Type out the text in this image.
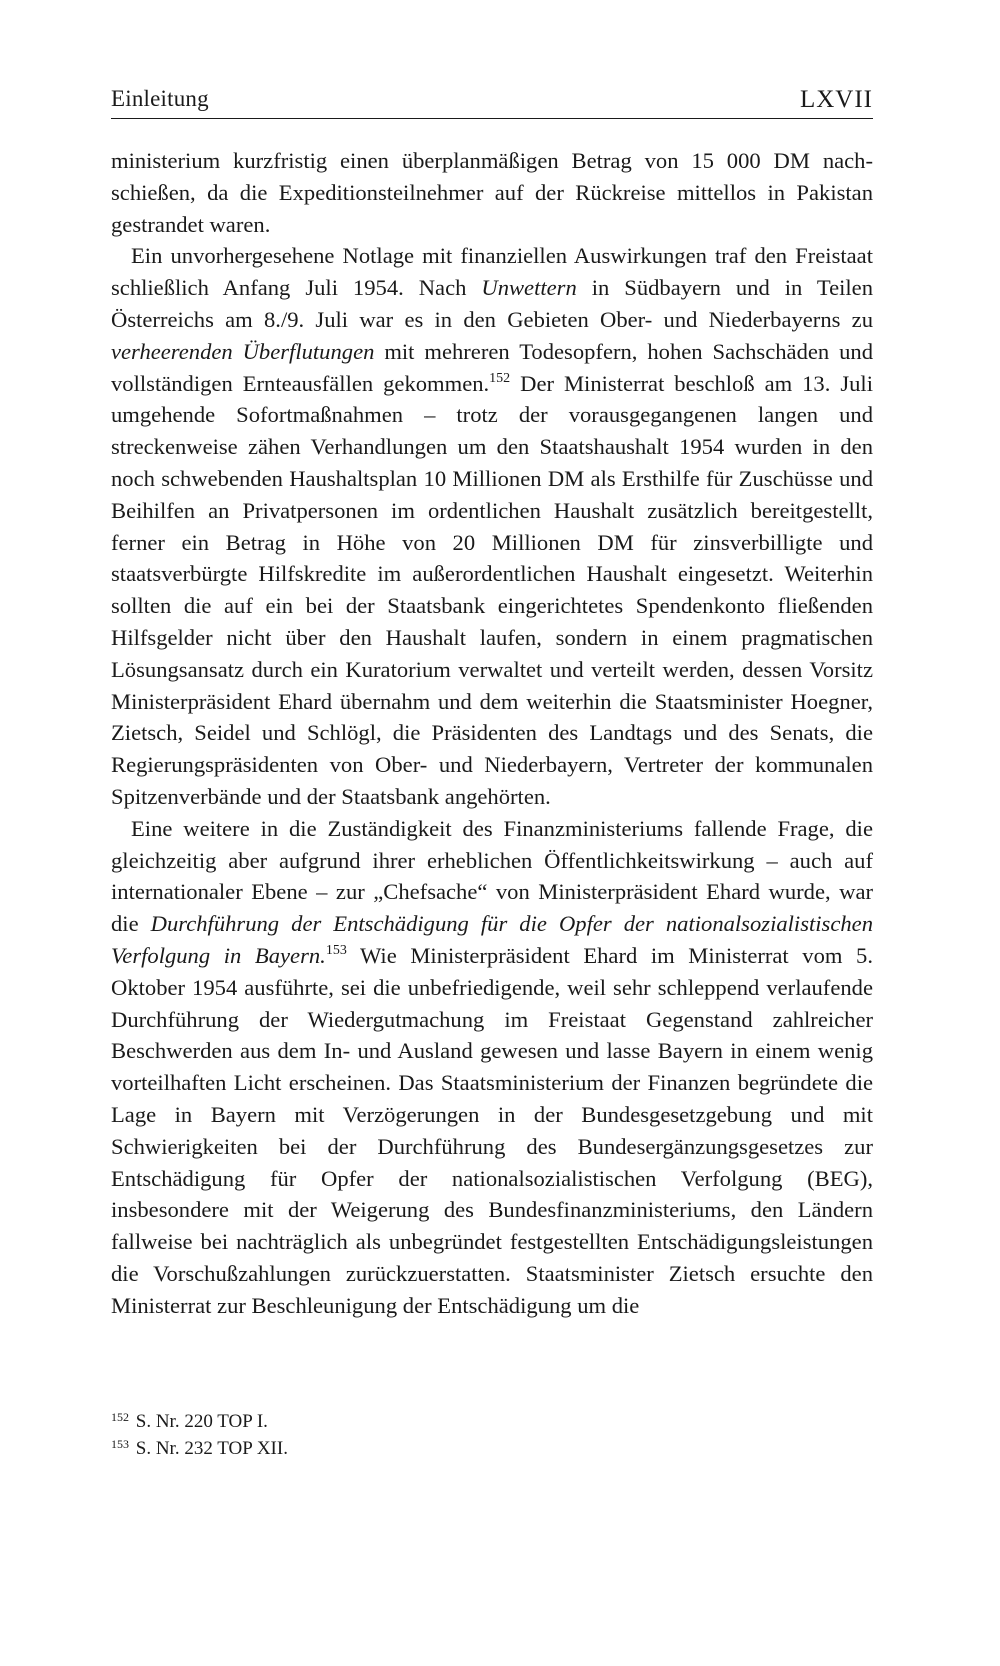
Einleitung	LXVII

ministerium kurzfristig einen überplanmäßigen Betrag von 15 000 DM nachschießen, da die Expeditionsteilnehmer auf der Rückreise mittellos in Pakistan gestrandet waren.

Ein unvorhergesehene Notlage mit finanziellen Auswirkungen traf den Freistaat schließlich Anfang Juli 1954. Nach Unwettern in Südbayern und in Teilen Österreichs am 8./9. Juli war es in den Gebieten Ober- und Niederbayerns zu verheerenden Überflutungen mit mehreren Todesopfern, hohen Sachschäden und vollständigen Ernteausfällen gekommen.$^{152}$ Der Ministerrat beschloß am 13. Juli umgehende Sofortmaßnahmen – trotz der vorausgegangenen langen und streckenweise zähen Verhandlungen um den Staatshaushalt 1954 wurden in den noch schwebenden Haushaltsplan 10 Millionen DM als Ersthilfe für Zuschüsse und Beihilfen an Privatpersonen im ordentlichen Haushalt zusätzlich bereitgestellt, ferner ein Betrag in Höhe von 20 Millionen DM für zinsverbilligte und staatsverbürgte Hilfskredite im außerordentlichen Haushalt eingesetzt. Weiterhin sollten die auf ein bei der Staatsbank eingerichtetes Spendenkonto fließenden Hilfsgelder nicht über den Haushalt laufen, sondern in einem pragmatischen Lösungsansatz durch ein Kuratorium verwaltet und verteilt werden, dessen Vorsitz Ministerpräsident Ehard übernahm und dem weiterhin die Staatsminister Hoegner, Zietsch, Seidel und Schlögl, die Präsidenten des Landtags und des Senats, die Regierungspräsidenten von Ober- und Niederbayern, Vertreter der kommunalen Spitzenverbände und der Staatsbank angehörten.

Eine weitere in die Zuständigkeit des Finanzministeriums fallende Frage, die gleichzeitig aber aufgrund ihrer erheblichen Öffentlichkeitswirkung – auch auf internationaler Ebene – zur „Chefsache“ von Ministerpräsident Ehard wurde, war die Durchführung der Entschädigung für die Opfer der nationalsozialistischen Verfolgung in Bayern.$^{153}$ Wie Ministerpräsident Ehard im Ministerrat vom 5. Oktober 1954 ausführte, sei die unbefriedigende, weil sehr schleppend verlaufende Durchführung der Wiedergutmachung im Freistaat Gegenstand zahlreicher Beschwerden aus dem In- und Ausland gewesen und lasse Bayern in einem wenig vorteilhaften Licht erscheinen. Das Staatsministerium der Finanzen begründete die Lage in Bayern mit Verzögerungen in der Bundesgesetzgebung und mit Schwierigkeiten bei der Durchführung des Bundesergänzungsgesetzes zur Entschädigung für Opfer der nationalsozialistischen Verfolgung (BEG), insbesondere mit der Weigerung des Bundesfinanzministeriums, den Ländern fallweise bei nachträglich als unbegründet festgestellten Entschädigungsleistungen die Vorschußzahlungen zurückzuerstatten. Staatsminister Zietsch ersuchte den Ministerrat zur Beschleunigung der Entschädigung um die

$^{152}$ S. Nr. 220 TOP I.
$^{153}$ S. Nr. 232 TOP XII.
